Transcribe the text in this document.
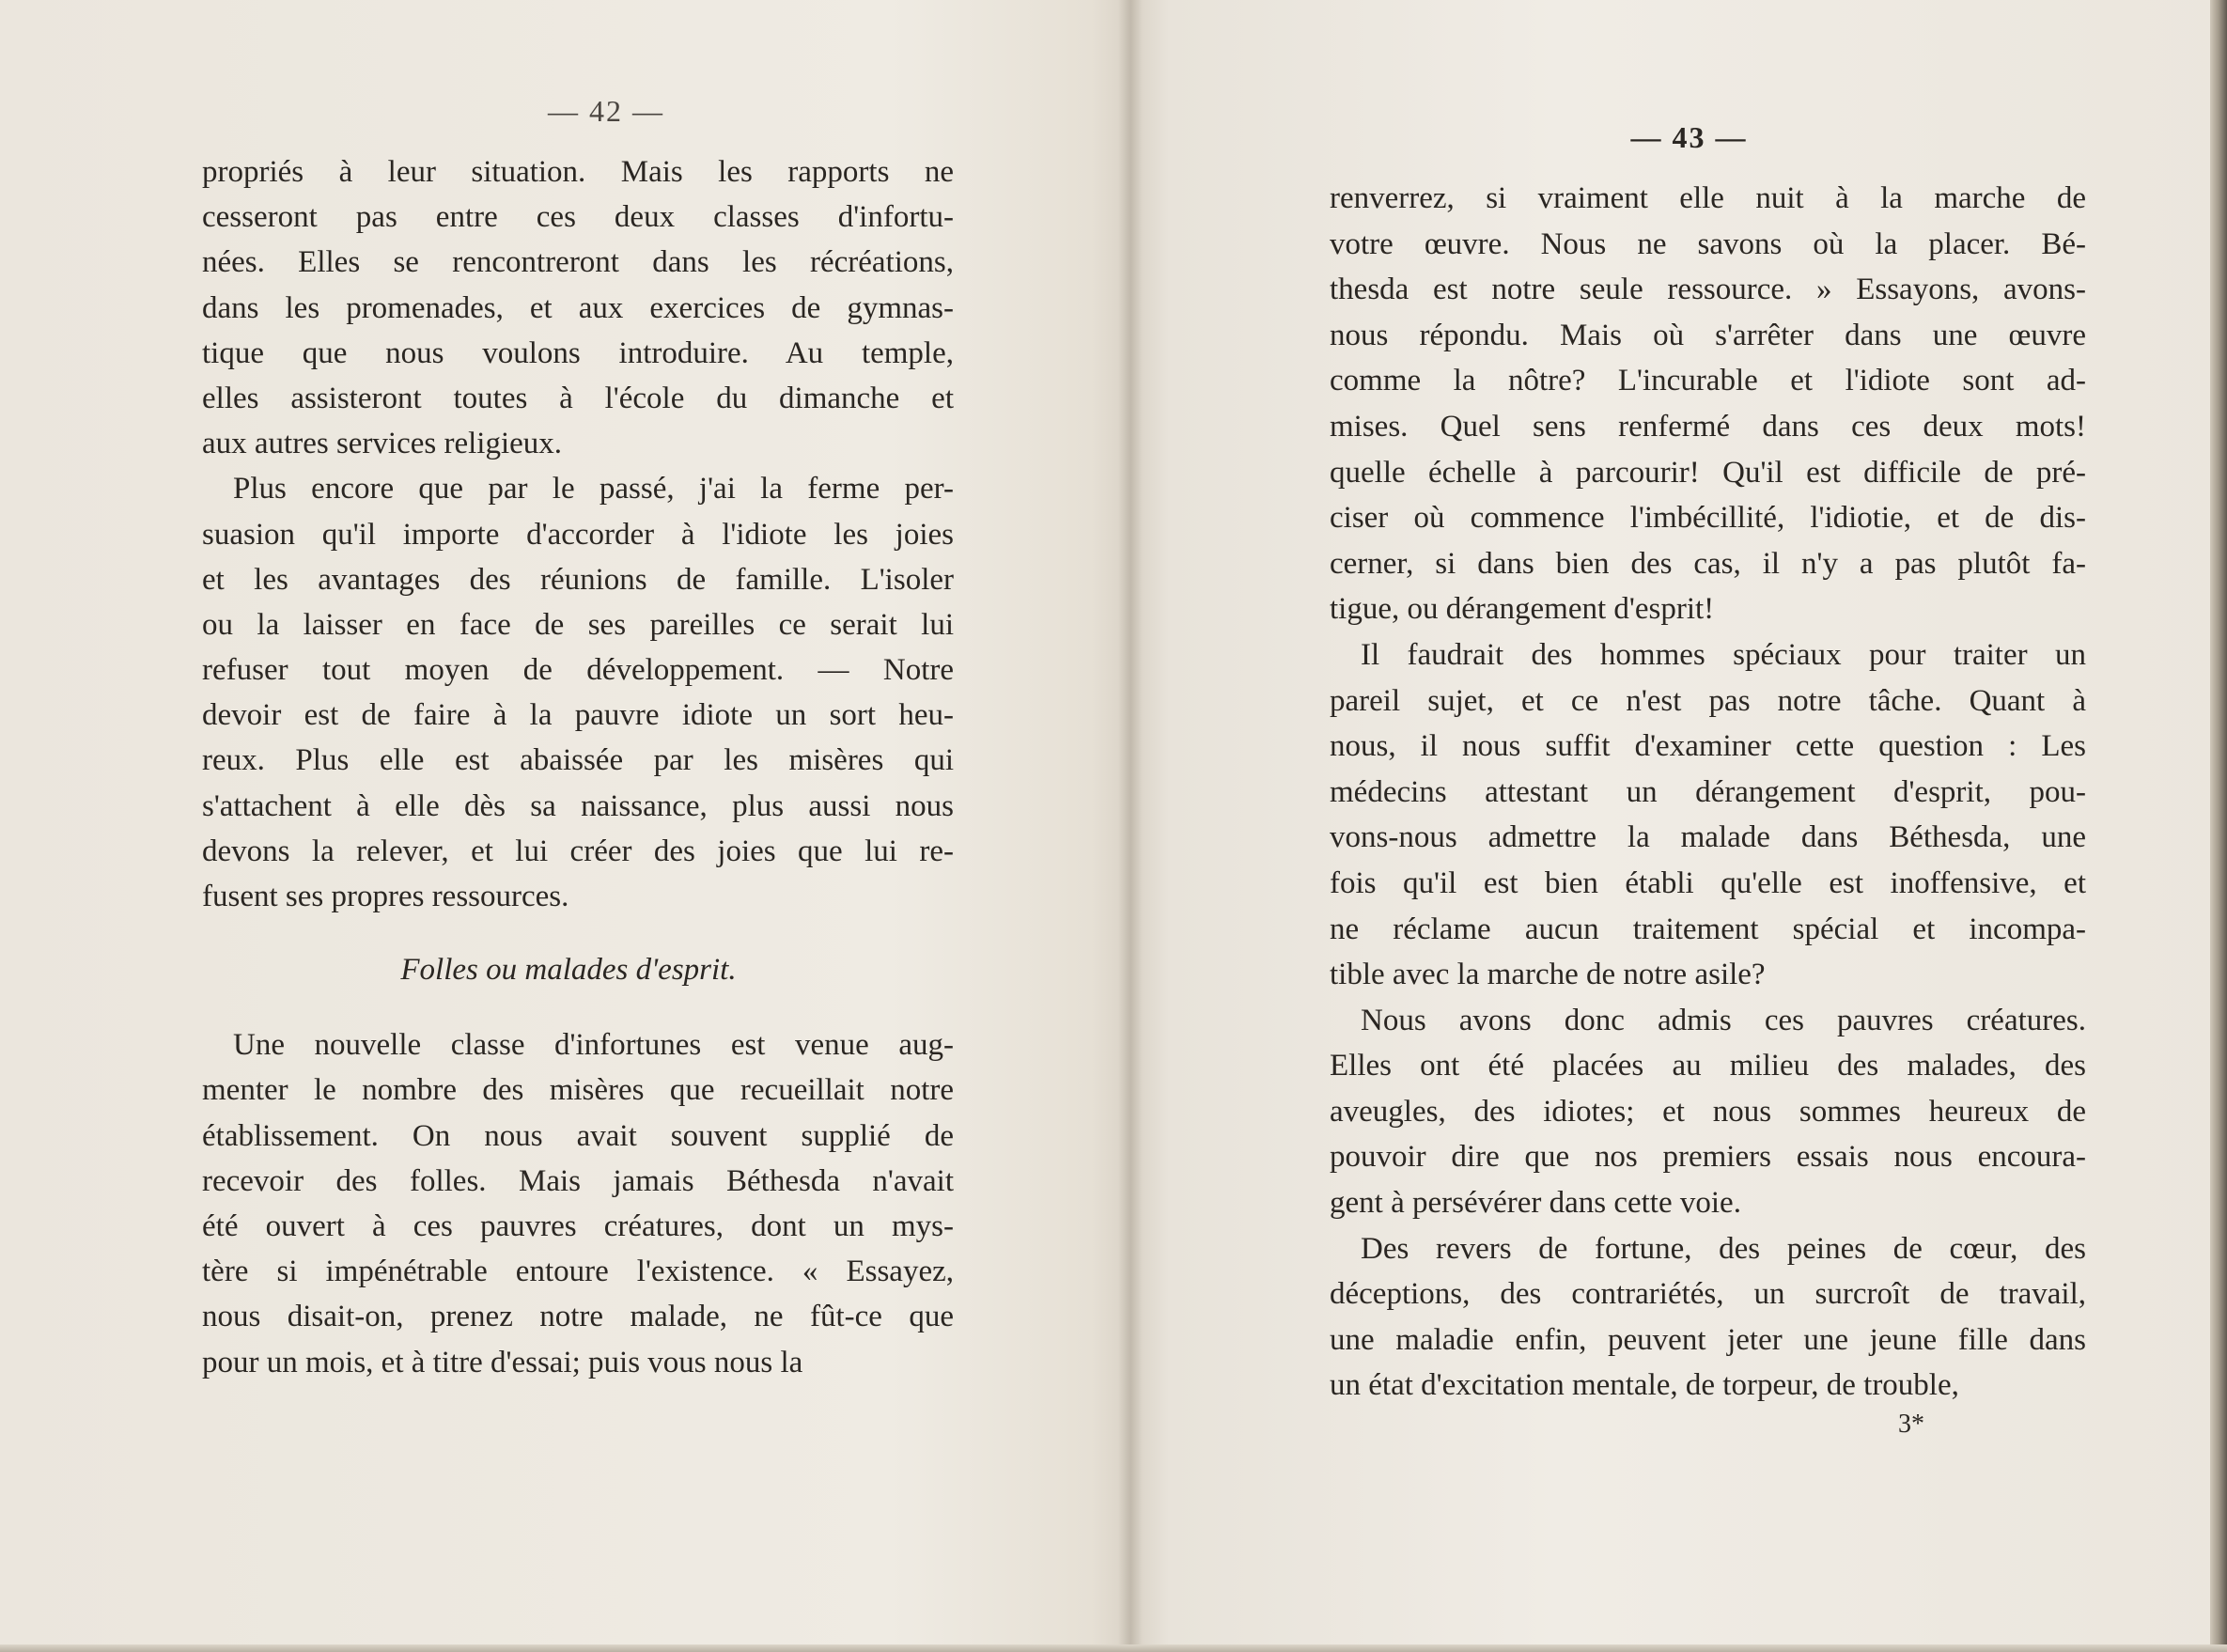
— 42 —
propriés à leur situation. Mais les rapports ne
cesseront pas entre ces deux classes d'infortu-
nées. Elles se rencontreront dans les récréations,
dans les promenades, et aux exercices de gymnas-
tique que nous voulons introduire. Au temple,
elles assisteront toutes à l'école du dimanche et
aux autres services religieux.
Plus encore que par le passé, j'ai la ferme per-
suasion qu'il importe d'accorder à l'idiote les joies
et les avantages des réunions de famille. L'isoler
ou la laisser en face de ses pareilles ce serait lui
refuser tout moyen de développement. — Notre
devoir est de faire à la pauvre idiote un sort heu-
reux. Plus elle est abaissée par les misères qui
s'attachent à elle dès sa naissance, plus aussi nous
devons la relever, et lui créer des joies que lui re-
fusent ses propres ressources.
Folles ou malades d'esprit.
Une nouvelle classe d'infortunes est venue aug-
menter le nombre des misères que recueillait notre
établissement. On nous avait souvent supplié de
recevoir des folles. Mais jamais Béthesda n'avait
été ouvert à ces pauvres créatures, dont un mys-
tère si impénétrable entoure l'existence. « Essayez,
nous disait-on, prenez notre malade, ne fût-ce que
pour un mois, et à titre d'essai; puis vous nous la
— 43 —
renverrez, si vraiment elle nuit à la marche de
votre œuvre. Nous ne savons où la placer. Bé-
thesda est notre seule ressource. » Essayons, avons-
nous répondu. Mais où s'arrêter dans une œuvre
comme la nôtre? L'incurable et l'idiote sont ad-
mises. Quel sens renfermé dans ces deux mots!
quelle échelle à parcourir! Qu'il est difficile de pré-
ciser où commence l'imbécillité, l'idiotie, et de dis-
cerner, si dans bien des cas, il n'y a pas plutôt fa-
tigue, ou dérangement d'esprit!
Il faudrait des hommes spéciaux pour traiter un
pareil sujet, et ce n'est pas notre tâche. Quant à
nous, il nous suffit d'examiner cette question : Les
médecins attestant un dérangement d'esprit, pou-
vons-nous admettre la malade dans Béthesda, une
fois qu'il est bien établi qu'elle est inoffensive, et
ne réclame aucun traitement spécial et incompa-
tible avec la marche de notre asile?
Nous avons donc admis ces pauvres créatures.
Elles ont été placées au milieu des malades, des
aveugles, des idiotes; et nous sommes heureux de
pouvoir dire que nos premiers essais nous encoura-
gent à persévérer dans cette voie.
Des revers de fortune, des peines de cœur, des
déceptions, des contrariétés, un surcroît de travail,
une maladie enfin, peuvent jeter une jeune fille dans
un état d'excitation mentale, de torpeur, de trouble,
3*
